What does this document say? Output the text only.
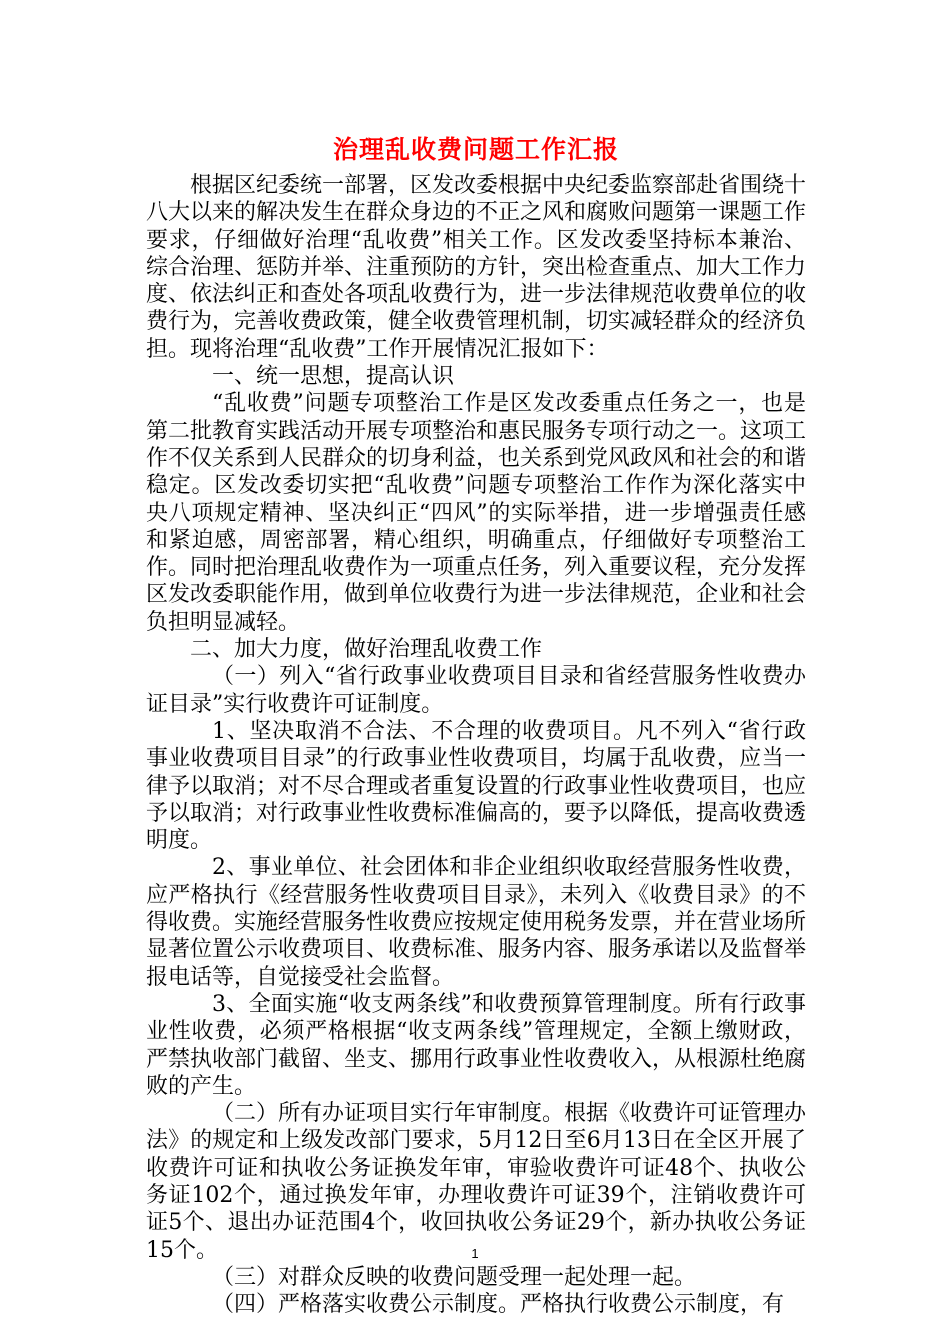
治理乱收费问题工作汇报

根据区纪委统一部署，区发改委根据中央纪委监察部赴省围绕十八大以来的解决发生在群众身边的不正之风和腐败问题第一课题工作要求，仔细做好治理“乱收费”相关工作。区发改委坚持标本兼治、综合治理、惩防并举、注重预防的方针，突出检查重点、加大工作力度、依法纠正和查处各项乱收费行为，进一步法律规范收费单位的收费行为，完善收费政策，健全收费管理机制，切实减轻群众的经济负担。现将治理“乱收费”工作开展情况汇报如下：

一、统一思想，提高认识

“乱收费”问题专项整治工作是区发改委重点任务之一，也是第二批教育实践活动开展专项整治和惠民服务专项行动之一。这项工作不仅关系到人民群众的切身利益，也关系到党风政风和社会的和谐稳定。区发改委切实把“乱收费”问题专项整治工作作为深化落实中央八项规定精神、坚决纠正“四风”的实际举措，进一步增强责任感和紧迫感，周密部署，精心组织，明确重点，仔细做好专项整治工作。同时把治理乱收费作为一项重点任务，列入重要议程，充分发挥区发改委职能作用，做到单位收费行为进一步法律规范，企业和社会负担明显减轻。

二、加大力度，做好治理乱收费工作

（一）列入“省行政事业收费项目目录和省经营服务性收费办证目录”实行收费许可证制度。

1、坚决取消不合法、不合理的收费项目。凡不列入“省行政事业收费项目目录”的行政事业性收费项目，均属于乱收费，应当一律予以取消；对不尽合理或者重复设置的行政事业性收费项目，也应予以取消；对行政事业性收费标准偏高的，要予以降低，提高收费透明度。

2、事业单位、社会团体和非企业组织收取经营服务性收费，应严格执行《经营服务性收费项目目录》，未列入《收费目录》的不得收费。实施经营服务性收费应按规定使用税务发票，并在营业场所显著位置公示收费项目、收费标准、服务内容、服务承诺以及监督举报电话等，自觉接受社会监督。

3、全面实施“收支两条线”和收费预算管理制度。所有行政事业性收费，必须严格根据“收支两条线”管理规定，全额上缴财政，严禁执收部门截留、坐支、挪用行政事业性收费收入，从根源杜绝腐败的产生。

（二）所有办证项目实行年审制度。根据《收费许可证管理办法》的规定和上级发改部门要求，5月12日至6月13日在全区开展了收费许可证和执收公务证换发年审，审验收费许可证48个、执收公务证102个，通过换发年审，办理收费许可证39个，注销收费许可证5个、退出办证范围4个，收回执收公务证29个，新办执收公务证15个。

（三）对群众反映的收费问题受理一起处理一起。

（四）严格落实收费公示制度。严格执行收费公示制度，有

1
